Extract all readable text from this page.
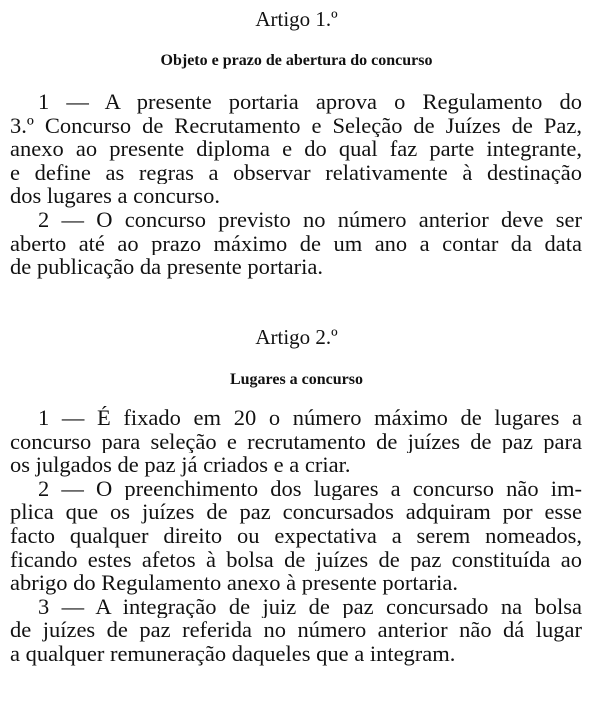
Artigo 1.º
Objeto e prazo de abertura do concurso
1 — A presente portaria aprova o Regulamento do
3.º Concurso de Recrutamento e Seleção de Juízes de Paz,
anexo ao presente diploma e do qual faz parte integrante,
e define as regras a observar relativamente à destinação
dos lugares a concurso.
2 — O concurso previsto no número anterior deve ser
aberto até ao prazo máximo de um ano a contar da data
de publicação da presente portaria.
Artigo 2.º
Lugares a concurso
1 — É fixado em 20 o número máximo de lugares a
concurso para seleção e recrutamento de juízes de paz para
os julgados de paz já criados e a criar.
2 — O preenchimento dos lugares a concurso não im-
plica que os juízes de paz concursados adquiram por esse
facto qualquer direito ou expectativa a serem nomeados,
ficando estes afetos à bolsa de juízes de paz constituída ao
abrigo do Regulamento anexo à presente portaria.
3 — A integração de juiz de paz concursado na bolsa
de juízes de paz referida no número anterior não dá lugar
a qualquer remuneração daqueles que a integram.
